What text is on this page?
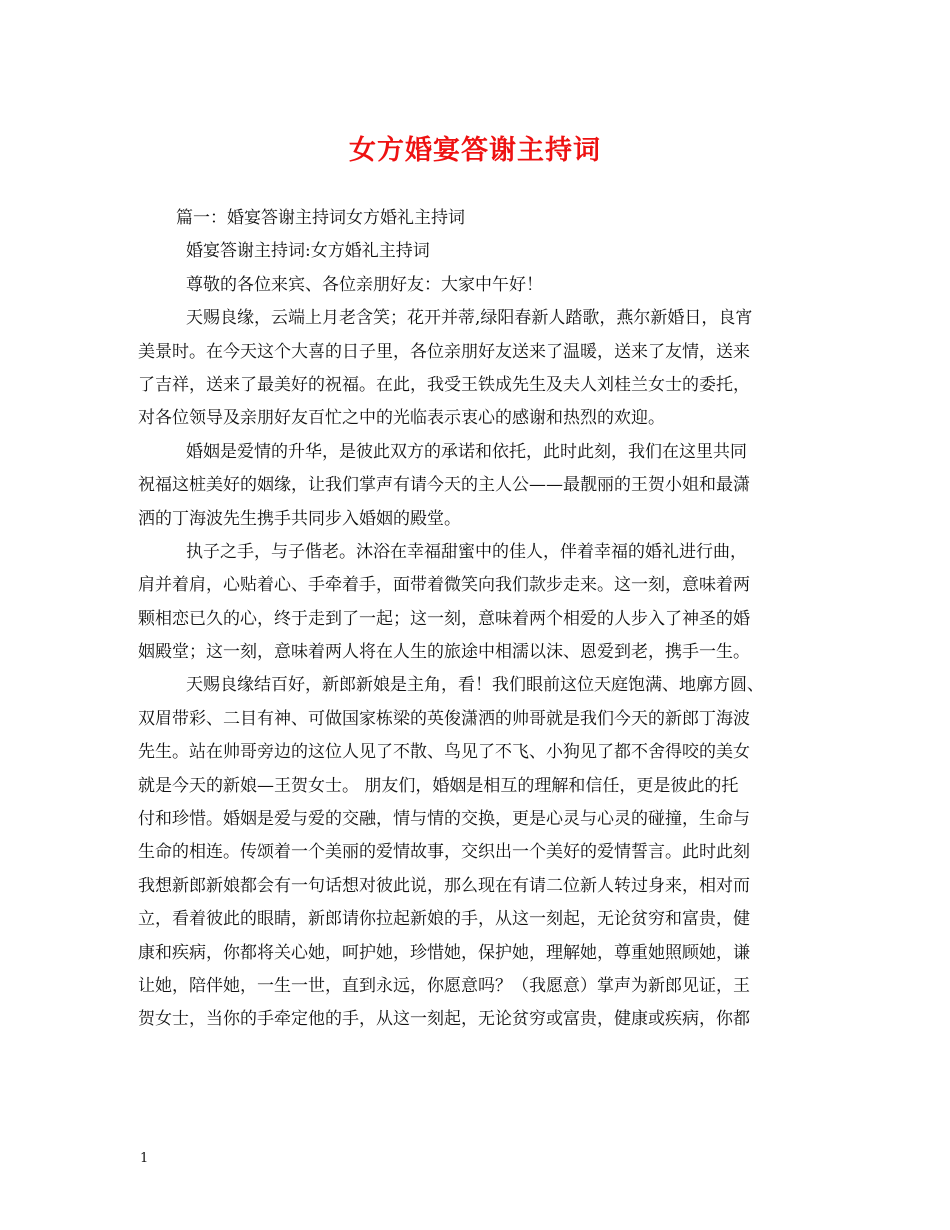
女方婚宴答谢主持词
篇一：婚宴答谢主持词女方婚礼主持词
婚宴答谢主持词:女方婚礼主持词
尊敬的各位来宾、各位亲朋好友：大家中午好！
天赐良缘，云端上月老含笑；花开并蒂,绿阳春新人踏歌，燕尔新婚日，良宵
美景时。在今天这个大喜的日子里，各位亲朋好友送来了温暖，送来了友情，送来
了吉祥，送来了最美好的祝福。在此，我受王铁成先生及夫人刘桂兰女士的委托，
对各位领导及亲朋好友百忙之中的光临表示衷心的感谢和热烈的欢迎。
婚姻是爱情的升华，是彼此双方的承诺和依托，此时此刻，我们在这里共同
祝福这桩美好的姻缘，让我们掌声有请今天的主人公——最靓丽的王贺小姐和最潇
洒的丁海波先生携手共同步入婚姻的殿堂。
执子之手，与子偕老。沐浴在幸福甜蜜中的佳人，伴着幸福的婚礼进行曲，
肩并着肩，心贴着心、手牵着手，面带着微笑向我们款步走来。这一刻，意味着两
颗相恋已久的心，终于走到了一起；这一刻，意味着两个相爱的人步入了神圣的婚
姻殿堂；这一刻，意味着两人将在人生的旅途中相濡以沫、恩爱到老，携手一生。
天赐良缘结百好，新郎新娘是主角，看！我们眼前这位天庭饱满、地廓方圆、
双眉带彩、二目有神、可做国家栋梁的英俊潇洒的帅哥就是我们今天的新郎丁海波
先生。站在帅哥旁边的这位人见了不散、鸟见了不飞、小狗见了都不舍得咬的美女
就是今天的新娘—王贺女士。 朋友们，婚姻是相互的理解和信任，更是彼此的托
付和珍惜。婚姻是爱与爱的交融，情与情的交换，更是心灵与心灵的碰撞，生命与
生命的相连。传颂着一个美丽的爱情故事，交织出一个美好的爱情誓言。此时此刻
我想新郎新娘都会有一句话想对彼此说，那么现在有请二位新人转过身来，相对而
立，看着彼此的眼睛，新郎请你拉起新娘的手，从这一刻起，无论贫穷和富贵，健
康和疾病，你都将关心她，呵护她，珍惜她，保护她，理解她，尊重她照顾她，谦
让她，陪伴她，一生一世，直到永远，你愿意吗？（我愿意）掌声为新郎见证，王
贺女士，当你的手牵定他的手，从这一刻起，无论贫穷或富贵，健康或疾病，你都
1
